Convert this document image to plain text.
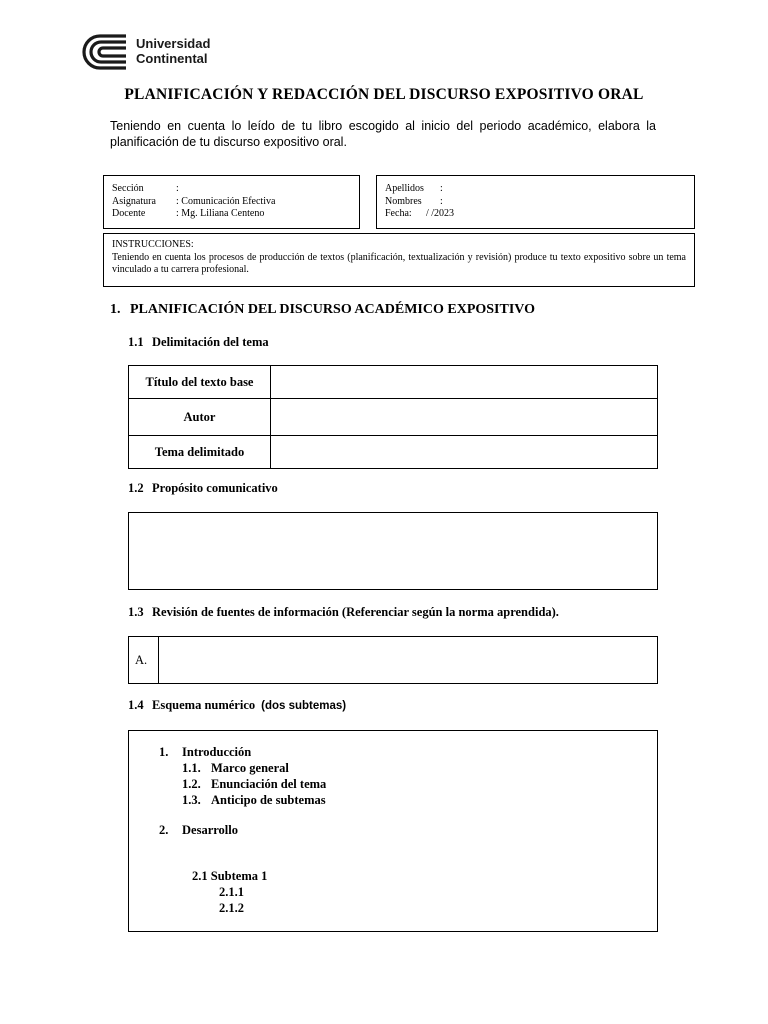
Universidad
Continental
PLANIFICACIÓN Y REDACCIÓN DEL DISCURSO EXPOSITIVO ORAL
Teniendo en cuenta lo leído de tu libro escogido al inicio del periodo académico, elabora la planificación de tu discurso expositivo oral.
Sección	:
Asignatura	: Comunicación Efectiva
Docente	: Mg. Liliana Centeno
Apellidos	:
Nombres	:
Fecha:	/ /2023
INSTRUCCIONES:
Teniendo en cuenta los procesos de producción de textos (planificación, textualización y revisión) produce tu texto expositivo sobre un tema vinculado a tu carrera profesional.
1. PLANIFICACIÓN DEL DISCURSO ACADÉMICO EXPOSITIVO
1.1 Delimitación del tema
Título del texto base	
Autor	
Tema delimitado	
1.2 Propósito comunicativo
1.3 Revisión de fuentes de información (Referenciar según la norma aprendida).
A.
1.4 Esquema numérico (dos subtemas)
1. Introducción
1.1. Marco general
1.2. Enunciación del tema
1.3. Anticipo de subtemas
2. Desarrollo
2.1 Subtema 1
2.1.1
2.1.2
